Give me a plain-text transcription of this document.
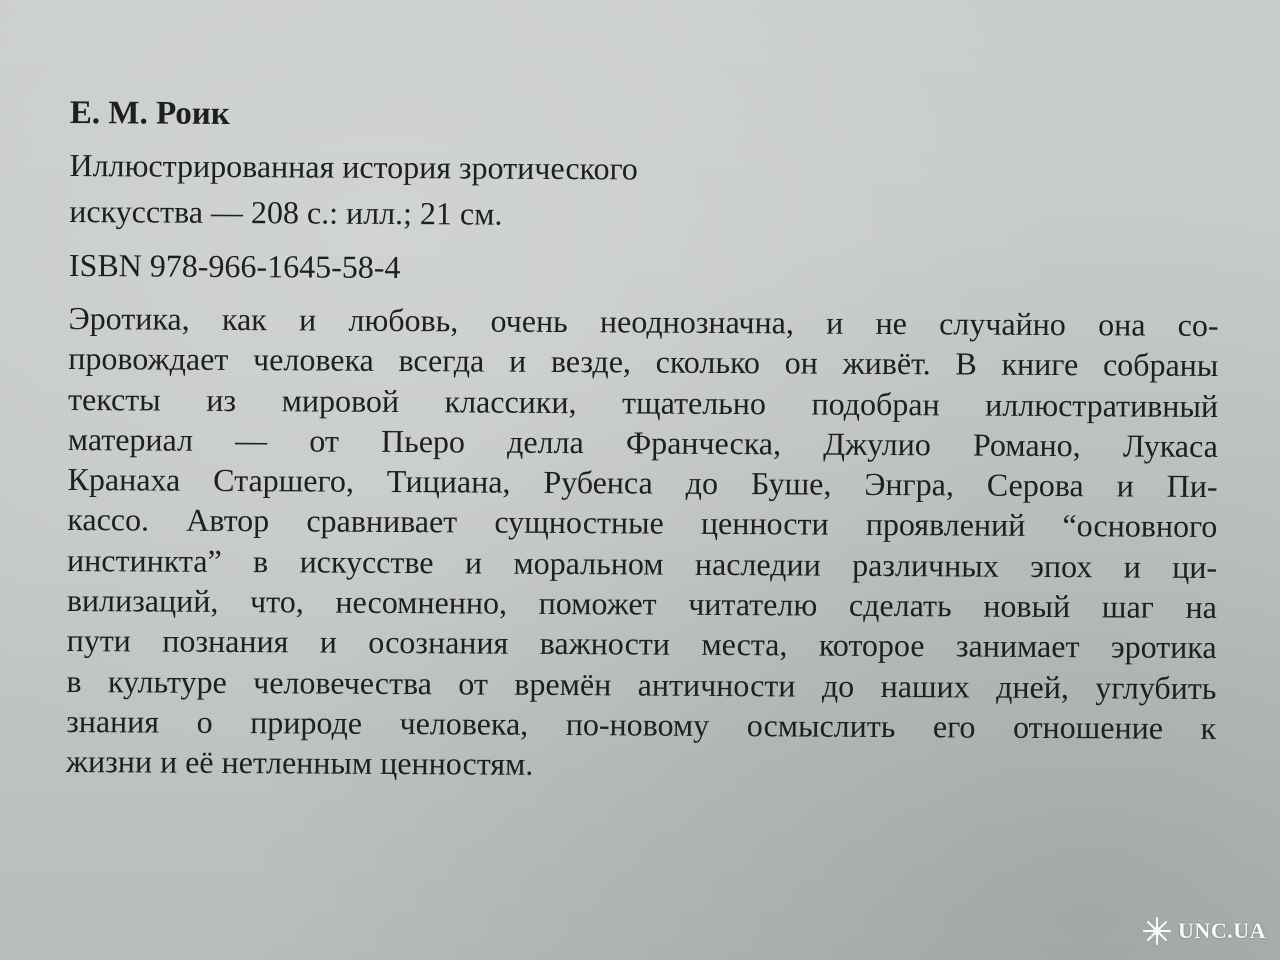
Е. М. Роик
Иллюстрированная история зротического
искусства — 208 с.: илл.; 21 см.
ISBN 978-966-1645-58-4
Эротика, как и любовь, очень неоднозначна, и не случайно она со-
провождает человека всегда и везде, сколько он живёт. В книге собраны
тексты из мировой классики, тщательно подобран иллюстративный
материал — от Пьеро делла Франческа, Джулио Романо, Лукаса
Кранаха Старшего, Тициана, Рубенса до Буше, Энгра, Серова и Пи-
кассо. Автор сравнивает сущностные ценности проявлений “основного
инстинкта” в искусстве и моральном наследии различных эпох и ци-
вилизаций, что, несомненно, поможет читателю сделать новый шаг на
пути познания и осознания важности места, которое занимает эротика
в культуре человечества от времён античности до наших дней, углубить
знания о природе человека, по-новому осмыслить его отношение к
жизни и её нетленным ценностям.
UNC.UA
